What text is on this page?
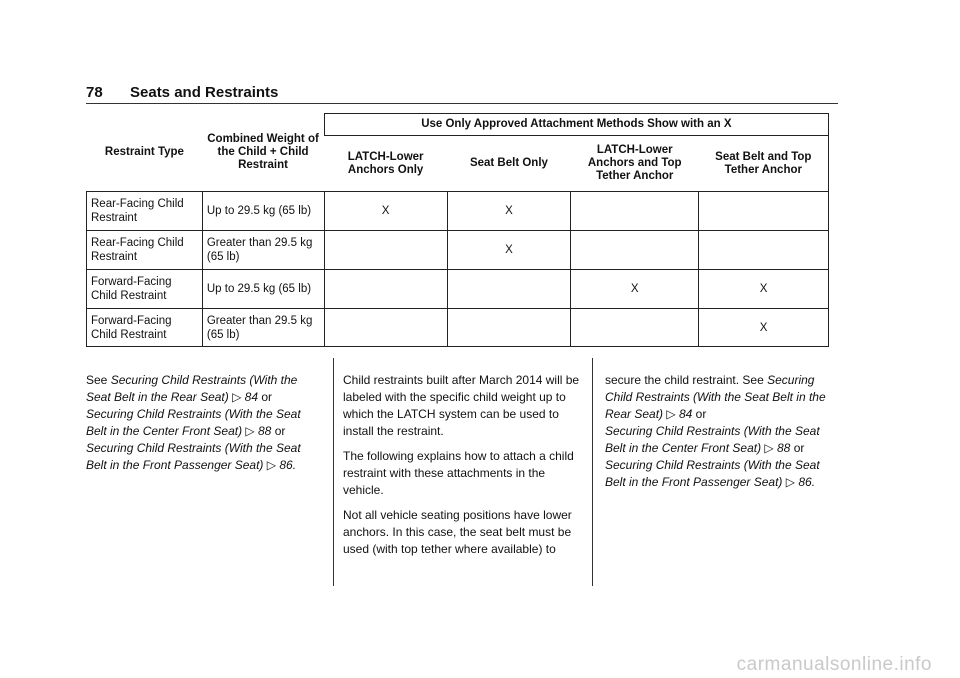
78 Seats and Restraints
Restraint Type	Combined Weight of the Child + Child Restraint	Use Only Approved Attachment Methods Show with an X			
		LATCH-Lower Anchors Only	Seat Belt Only	LATCH-Lower Anchors and Top Tether Anchor	Seat Belt and Top Tether Anchor
Rear-Facing Child Restraint	Up to 29.5 kg (65 lb)	X	X		
Rear-Facing Child Restraint	Greater than 29.5 kg (65 lb)		X		
Forward-Facing Child Restraint	Up to 29.5 kg (65 lb)			X	X
Forward-Facing Child Restraint	Greater than 29.5 kg (65 lb)				X

See Securing Child Restraints (With the Seat Belt in the Rear Seat) ▷ 84 or
Securing Child Restraints (With the Seat Belt in the Center Front Seat) ▷ 88 or
Securing Child Restraints (With the Seat Belt in the Front Passenger Seat) ▷ 86.

Child restraints built after March 2014 will be labeled with the specific child weight up to which the LATCH system can be used to install the restraint.

The following explains how to attach a child restraint with these attachments in the vehicle.

Not all vehicle seating positions have lower anchors. In this case, the seat belt must be used (with top tether where available) to

secure the child restraint. See Securing Child Restraints (With the Seat Belt in the Rear Seat) ▷ 84 or
Securing Child Restraints (With the Seat Belt in the Center Front Seat) ▷ 88 or
Securing Child Restraints (With the Seat Belt in the Front Passenger Seat) ▷ 86.

carmanualsonline.info
